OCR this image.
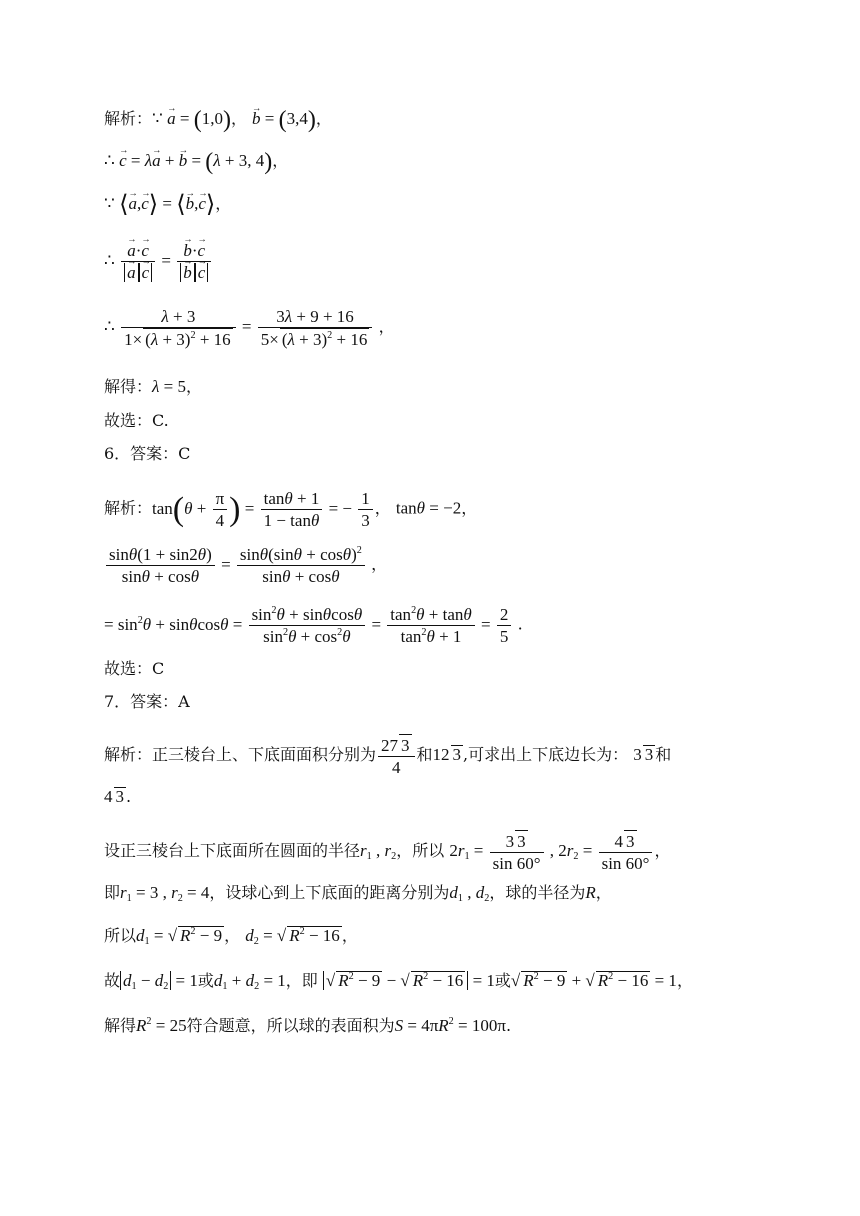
解析：∵ → a = (1,0)， → b = (3,4)，
∴ → c = λ→ a + → b = (λ + 3, 4)，
∵ ⟨→ a,→ c⟩ = ⟨→ b,→ c⟩，
∴ → a·→ c
→ a → c = → b·→ c
→ b → c
∴ $\frac{\lambda + 3}{1\times (\lambda + 3)^2 + 16} = \frac{3\lambda + 9 + 16}{5\times (\lambda + 3)^2 + 16}$ ，
解得：λ = 5，
故选：C.
6．答案：C
解析：$\tan(\theta + \frac{\pi}{4}$ ) = $\frac{\tan\theta + 1}{1 - \tan\theta}$ = − $\frac{1}{3}$ ， tanθ = −2，
$\frac{\sin\theta(1 + \sin 2\theta)}{\sin\theta + \cos\theta} = \frac{\sin\theta(\sin\theta + \cos\theta)^2}{\sin\theta + \cos\theta}$ ，
= $\sin^2\theta + \sin\theta\cos\theta = \frac{\sin^2\theta + \sin\theta\cos\theta}{\sin^2\theta + \cos^2\theta} = \frac{\tan^2\theta + \tan\theta}{\tan^2\theta + 1} = \frac{2}{5}$ .
故选：C
7．答案：A
解析：正三棱台上、下底面面积分别为 $\frac{27 3}{4}$ 和12 3 ,可求出上下底边长为： 3 3 和
4 3 .
设正三棱台上下底面所在圆面的半径$r_1$ , $r_2$，所以 $2r_1 = \frac{3 3}{\sin 60^\circ}$ , $2r_2 = \frac{4 3}{\sin 60^\circ}$ ，
即$r_1 = 3$ , $r_2 = 4$，设球心到上下底面的距离分别为$d_1$ , $d_2$，球的半径为R，
所以$d_1$ = √ $R^2 - 9$ ， $d_2$ = √ $R^2 - 16$ ，
故 $d_1 - d_2 = 1$或$d_1 + d_2 = 1$，即 √ $R^2 - 9$ − √ $R^2 - 16 = 1$或√ $R^2 - 9$ + √ $R^2 - 16 = 1$，
解得$R^2 = 25$符合题意，所以球的表面积为$S = 4\pi R^2 = 100\pi$.
